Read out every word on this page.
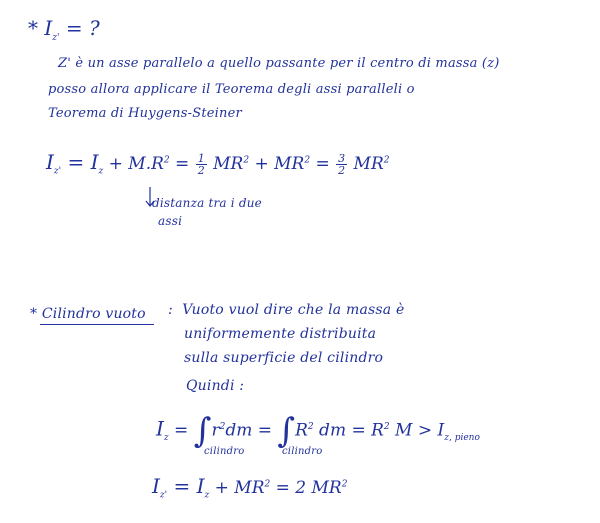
* $I_{z'}$ = ?
Z' è un asse parallelo a quello passante per il centro di massa (z)
posso allora applicare il Teorema degli assi paralleli o
Teorema di Huygens-Steiner
$I_{z'} = I_z + M.R^2 = \frac{1}{2} MR^2 + MR^2 = \frac{3}{2} MR^2$
distanza tra i due
assi
* Cilindro vuoto :  Vuoto vuol dire che la massa è
uniformemente distribuita
sulla superficie del cilindro
Quindi :
$I_z = \int r^2dm = \int R^2$ dm = $R^2$ $M > I_{z, pieno}$
cilindro	cilindro
$I_{z'} = I_z + MR^2 = 2$ $MR^2$
